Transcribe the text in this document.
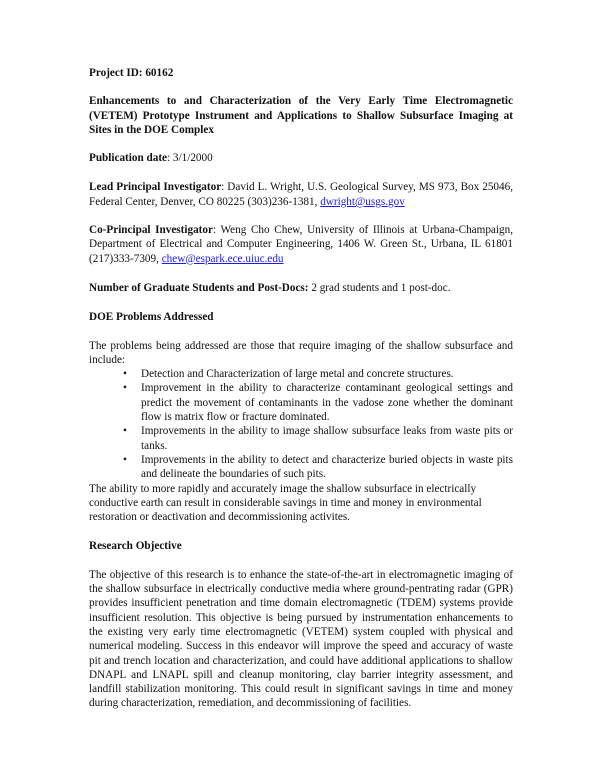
Project ID: 60162

Enhancements to and Characterization of the Very Early Time Electromagnetic (VETEM) Prototype Instrument and Applications to Shallow Subsurface Imaging at Sites in the DOE Complex

Publication date: 3/1/2000

Lead Principal Investigator: David L. Wright, U.S. Geological Survey, MS 973, Box 25046, Federal Center, Denver, CO 80225 (303)236-1381, dwright@usgs.gov

Co-Principal Investigator: Weng Cho Chew, University of Illinois at Urbana-Champaign, Department of Electrical and Computer Engineering, 1406 W. Green St., Urbana, IL 61801 (217)333-7309, chew@espark.ece.uiuc.edu

Number of Graduate Students and Post-Docs: 2 grad students and 1 post-doc.

DOE Problems Addressed

The problems being addressed are those that require imaging of the shallow subsurface and include:

• Detection and Characterization of large metal and concrete structures.
• Improvement in the ability to characterize contaminant geological settings and predict the movement of contaminants in the vadose zone whether the dominant flow is matrix flow or fracture dominated.
• Improvements in the ability to image shallow subsurface leaks from waste pits or tanks.
• Improvements in the ability to detect and characterize buried objects in waste pits and delineate the boundaries of such pits.

The ability to more rapidly and accurately image the shallow subsurface in electrically conductive earth can result in considerable savings in time and money in environmental restoration or deactivation and decommissioning activites.

Research Objective

The objective of this research is to enhance the state-of-the-art in electromagnetic imaging of the shallow subsurface in electrically conductive media where ground-pentrating radar (GPR) provides insufficient penetration and time domain electromagnetic (TDEM) systems provide insufficient resolution. This objective is being pursued by instrumentation enhancements to the existing very early time electromagnetic (VETEM) system coupled with physical and numerical modeling. Success in this endeavor will improve the speed and accuracy of waste pit and trench location and characterization, and could have additional applications to shallow DNAPL and LNAPL spill and cleanup monitoring, clay barrier integrity assessment, and landfill stabilization monitoring. This could result in significant savings in time and money during characterization, remediation, and decommissioning of facilities.
